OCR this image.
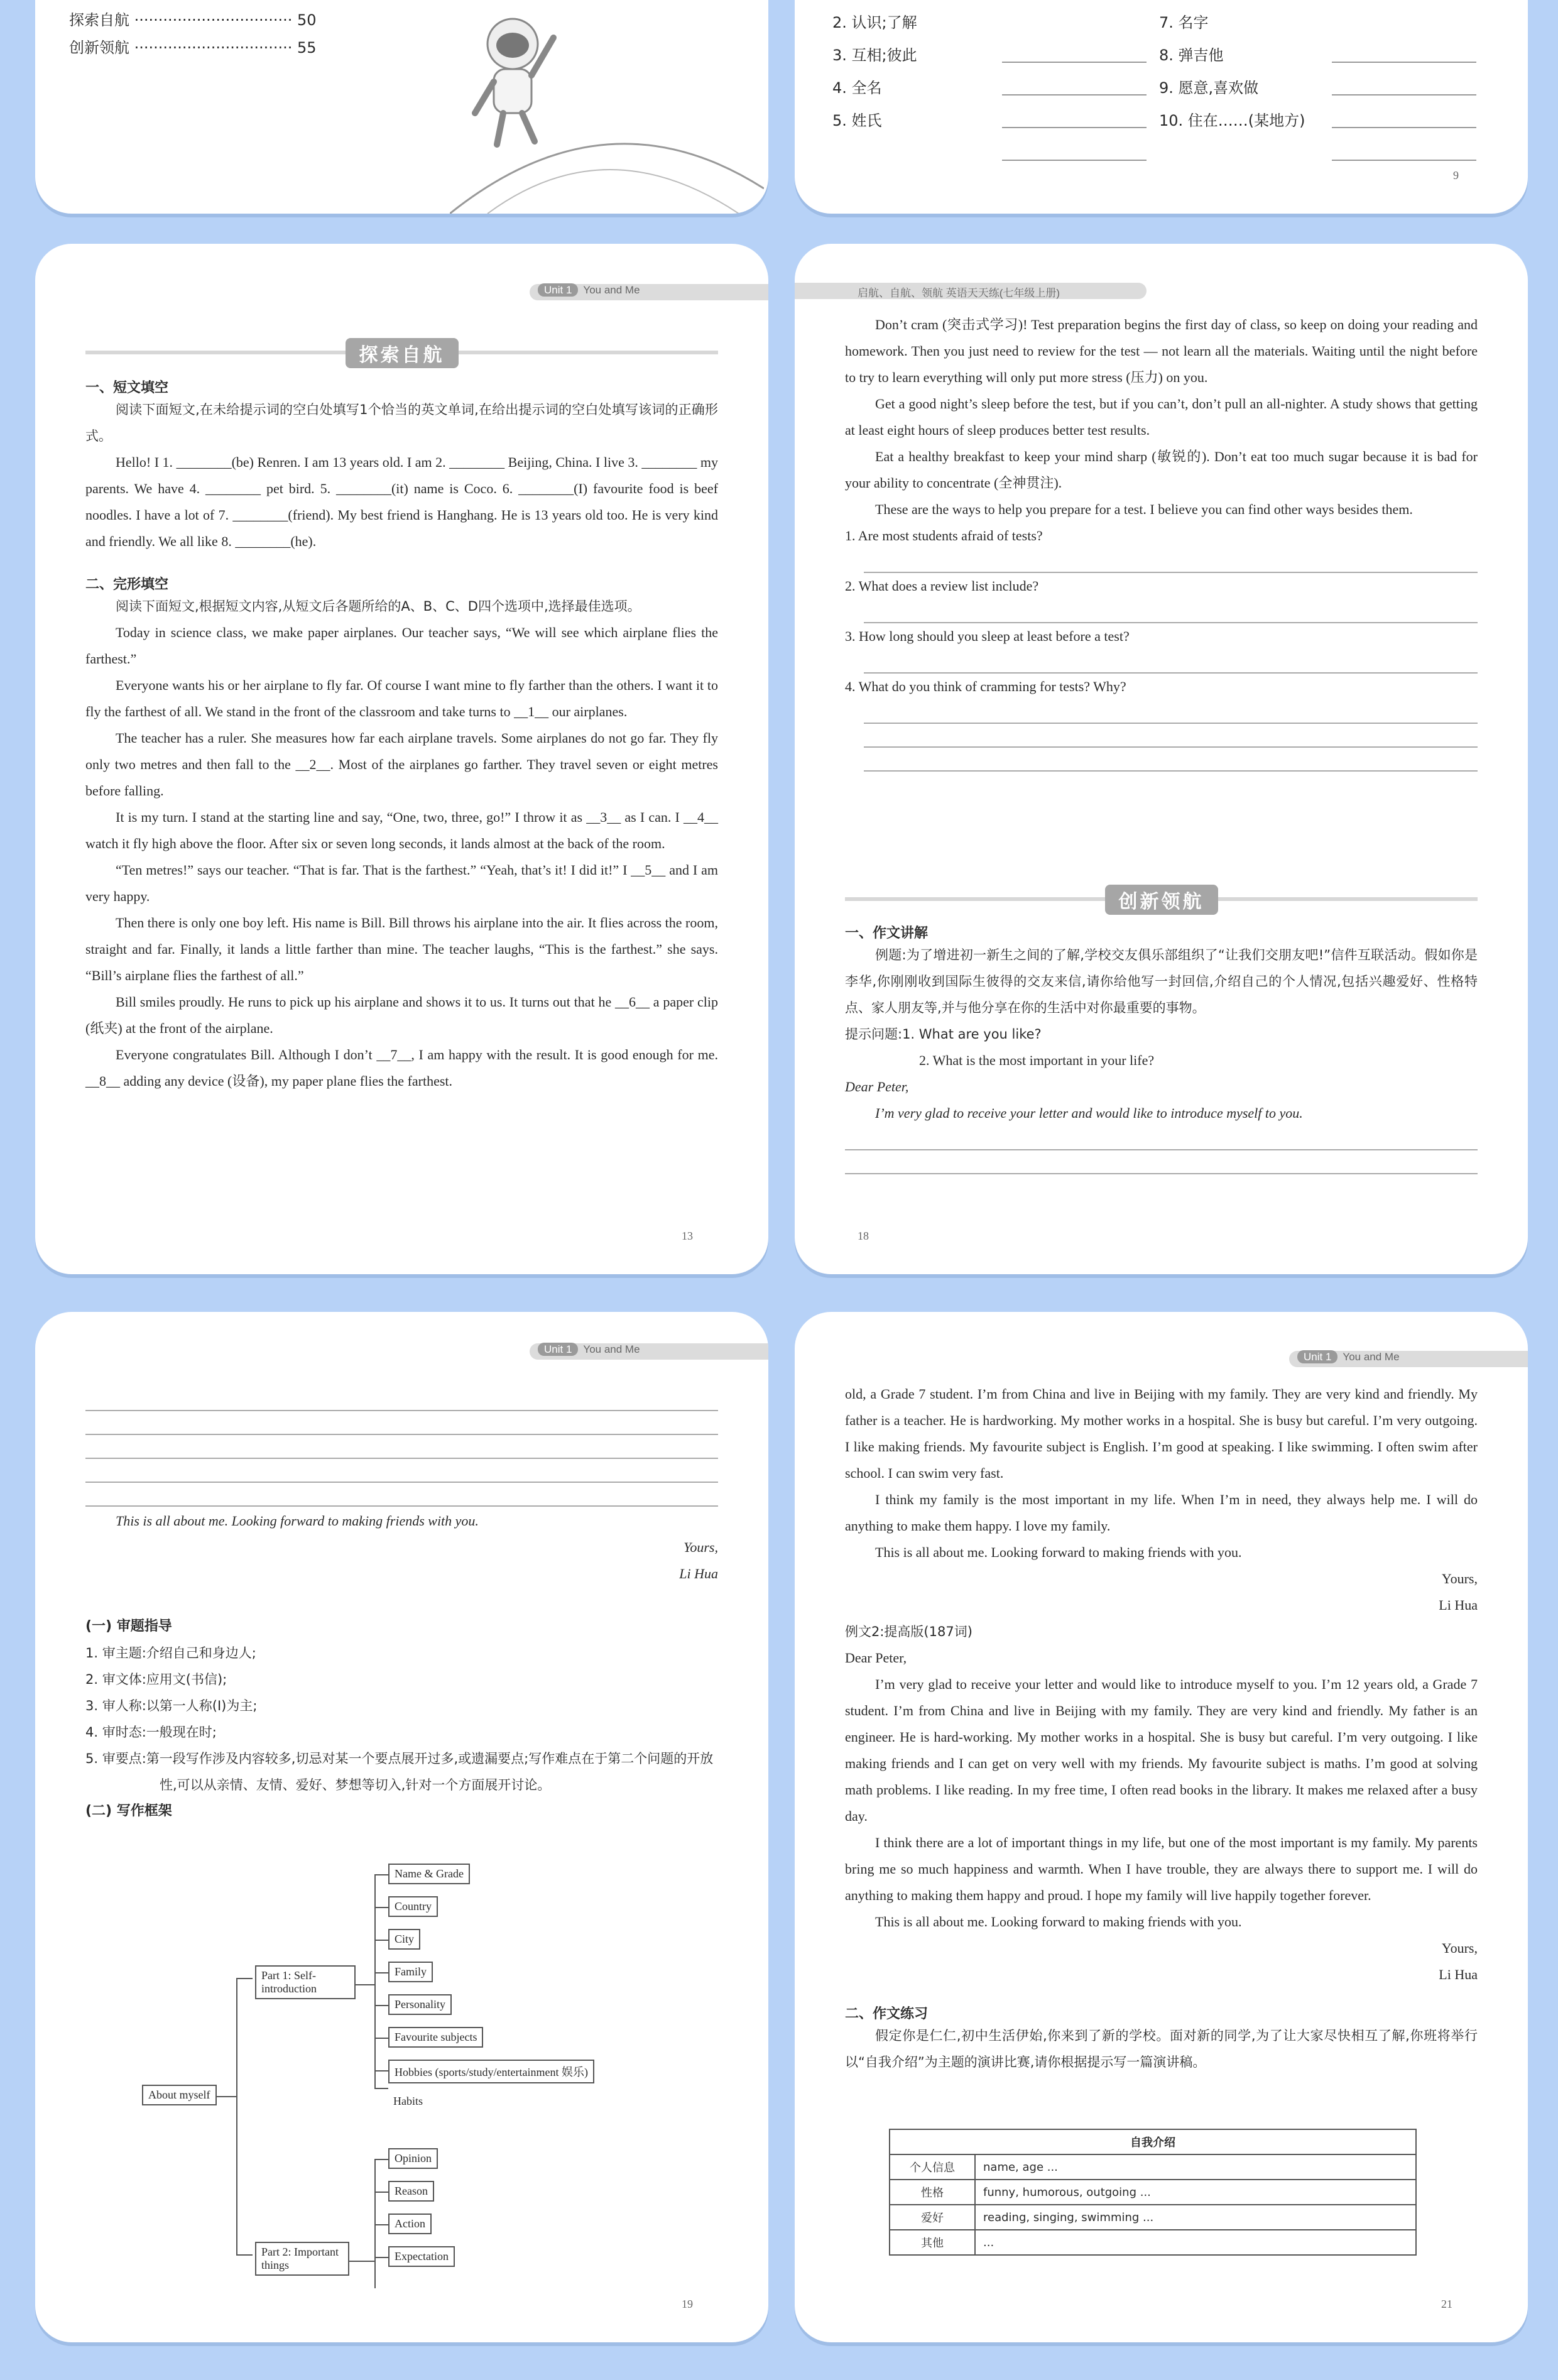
探索自航 ································· 50
创新领航 ································· 55
2. 认识;了解
3. 互相;彼此
4. 全名
5. 姓氏
7. 名字
8. 弹吉他
9. 愿意,喜欢做
10. 住在……(某地方)
9
Unit 1 You and Me
探索自航
一、短文填空
阅读下面短文,在未给提示词的空白处填写1个恰当的英文单词,在给出提示词的空白处填写该词的正确形式。
Hello! I 1. ________(be) Renren. I am 13 years old. I am 2. ________ Beijing, China. I live 3. ________ my parents. We have 4. ________ pet bird. 5. ________(it) name is Coco. 6. ________(I) favourite food is beef noodles. I have a lot of 7. ________(friend). My best friend is Hanghang. He is 13 years old too. He is very kind and friendly. We all like 8. ________(he).
二、完形填空
阅读下面短文,根据短文内容,从短文后各题所给的A、B、C、D四个选项中,选择最佳选项。
Today in science class, we make paper airplanes. Our teacher says, “We will see which airplane flies the farthest.”
Everyone wants his or her airplane to fly far. Of course I want mine to fly farther than the others. I want it to fly the farthest of all. We stand in the front of the classroom and take turns to __1__ our airplanes.
The teacher has a ruler. She measures how far each airplane travels. Some airplanes do not go far. They fly only two metres and then fall to the __2__. Most of the airplanes go farther. They travel seven or eight metres before falling.
It is my turn. I stand at the starting line and say, “One, two, three, go!” I throw it as __3__ as I can. I __4__ watch it fly high above the floor. After six or seven long seconds, it lands almost at the back of the room.
“Ten metres!” says our teacher. “That is far. That is the farthest.” “Yeah, that’s it! I did it!” I __5__ and I am very happy.
Then there is only one boy left. His name is Bill. Bill throws his airplane into the air. It flies across the room, straight and far. Finally, it lands a little farther than mine. The teacher laughs, “This is the farthest.” she says. “Bill’s airplane flies the farthest of all.”
Bill smiles proudly. He runs to pick up his airplane and shows it to us. It turns out that he __6__ a paper clip (纸夹) at the front of the airplane.
Everyone congratulates Bill. Although I don’t __7__, I am happy with the result. It is good enough for me. __8__ adding any device (设备), my paper plane flies the farthest.
13
启航、自航、领航 英语天天练(七年级上册)
Don’t cram (突击式学习)! Test preparation begins the first day of class, so keep on doing your reading and homework. Then you just need to review for the test — not learn all the materials. Waiting until the night before to try to learn everything will only put more stress (压力) on you.
Get a good night’s sleep before the test, but if you can’t, don’t pull an all-nighter. A study shows that getting at least eight hours of sleep produces better test results.
Eat a healthy breakfast to keep your mind sharp (敏锐的). Don’t eat too much sugar because it is bad for your ability to concentrate (全神贯注).
These are the ways to help you prepare for a test. I believe you can find other ways besides them.
1. Are most students afraid of tests?
2. What does a review list include?
3. How long should you sleep at least before a test?
4. What do you think of cramming for tests? Why?
创新领航
一、作文讲解
例题:为了增进初一新生之间的了解,学校交友俱乐部组织了“让我们交朋友吧!”信件互联活动。假如你是李华,你刚刚收到国际生彼得的交友来信,请你给他写一封回信,介绍自己的个人情况,包括兴趣爱好、性格特点、家人朋友等,并与他分享在你的生活中对你最重要的事物。
提示问题:1. What are you like?
2. What is the most important in your life?
Dear Peter,
I’m very glad to receive your letter and would like to introduce myself to you.
18
Unit 1 You and Me
This is all about me. Looking forward to making friends with you.
Yours,
Li Hua
(一) 审题指导
1. 审主题:介绍自己和身边人;
2. 审文体:应用文(书信);
3. 审人称:以第一人称(I)为主;
4. 审时态:一般现在时;
5. 审要点:第一段写作涉及内容较多,切忌对某一个要点展开过多,或遗漏要点;写作难点在于第二个问题的开放性,可以从亲情、友情、爱好、梦想等切入,针对一个方面展开讨论。
(二) 写作框架
About myself
Part 1: Self-introduction
Part 2: Important things
Name & Grade
Country
City
Family
Personality
Favourite subjects
Hobbies (sports/study/entertainment 娱乐)
Habits
Opinion
Reason
Action
Expectation
19
Unit 1 You and Me
old, a Grade 7 student. I’m from China and live in Beijing with my family. They are very kind and friendly. My father is a teacher. He is hardworking. My mother works in a hospital. She is busy but careful. I’m very outgoing. I like making friends. My favourite subject is English. I’m good at speaking. I like swimming. I often swim after school. I can swim very fast.
I think my family is the most important in my life. When I’m in need, they always help me. I will do anything to make them happy. I love my family.
This is all about me. Looking forward to making friends with you.
Yours,
Li Hua
例文2:提高版(187词)
Dear Peter,
I’m very glad to receive your letter and would like to introduce myself to you. I’m 12 years old, a Grade 7 student. I’m from China and live in Beijing with my family. They are very kind and friendly. My father is an engineer. He is hard-working. My mother works in a hospital. She is busy but careful. I’m very outgoing. I like making friends and I can get on very well with my friends. My favourite subject is maths. I’m good at solving math problems. I like reading. In my free time, I often read books in the library. It makes me relaxed after a busy day.
I think there are a lot of important things in my life, but one of the most important is my family. My parents bring me so much happiness and warmth. When I have trouble, they are always there to support me. I will do anything to making them happy and proud. I hope my family will live happily together forever.
This is all about me. Looking forward to making friends with you.
Yours,
Li Hua
二、作文练习
假定你是仁仁,初中生活伊始,你来到了新的学校。面对新的同学,为了让大家尽快相互了解,你班将举行以“自我介绍”为主题的演讲比赛,请你根据提示写一篇演讲稿。
自我介绍	
个人信息	name, age ...
性格	funny, humorous, outgoing ...
爱好	reading, singing, swimming ...
其他	...
21
